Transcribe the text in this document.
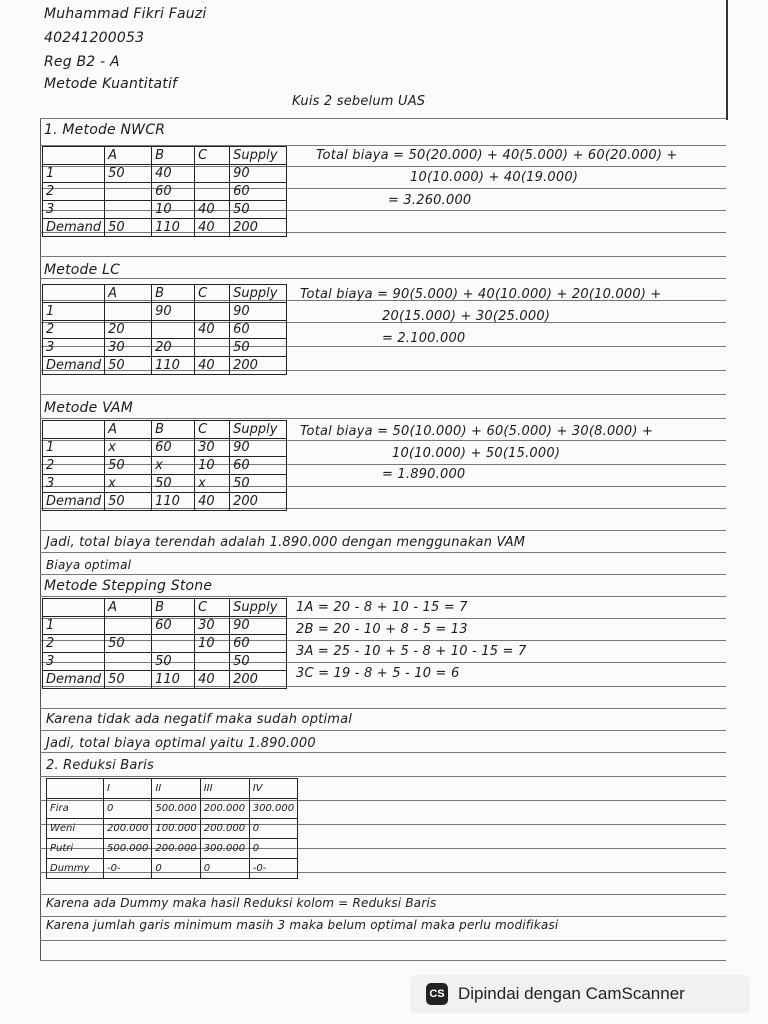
Muhammad Fikri Fauzi
40241200053
Reg B2 - A
Metode Kuantitatif
Kuis 2 sebelum UAS
1. Metode NWCR
	A	B	C	Supply
1	50	40		90
2		60		60
3		10	40	50
Demand	50	110	40	200
Total biaya = 50(20.000) + 40(5.000) + 60(20.000) +
10(10.000) + 40(19.000)
= 3.260.000
Metode LC
	A	B	C	Supply
1		90		90
2	20		40	60
3	30	20		50
Demand	50	110	40	200
Total biaya = 90(5.000) + 40(10.000) + 20(10.000) +
20(15.000) + 30(25.000)
= 2.100.000
Metode VAM
	A	B	C	Supply
1	x	60	30	90
2	50	x	10	60
3	x	50	x	50
Demand	50	110	40	200
Total biaya = 50(10.000) + 60(5.000) + 30(8.000) +
10(10.000) + 50(15.000)
= 1.890.000
Jadi, total biaya terendah adalah 1.890.000 dengan menggunakan VAM
Biaya optimal
Metode Stepping Stone
	A	B	C	Supply
1		60	30	90
2	50		10	60
3		50		50
Demand	50	110	40	200
1A = 20 - 8 + 10 - 15 = 7
2B = 20 - 10 + 8 - 5 = 13
3A = 25 - 10 + 5 - 8 + 10 - 15 = 7
3C = 19 - 8 + 5 - 10 = 6
Karena tidak ada negatif maka sudah optimal
Jadi, total biaya optimal yaitu 1.890.000
2. Reduksi Baris
	I	II	III	IV
Fira	0	500.000	200.000	300.000
Weni	200.000	100.000	200.000	0
Putri	500.000	200.000	300.000	0
Dummy	-0-	0	0	-0-
Karena ada Dummy maka hasil Reduksi kolom = Reduksi Baris
Karena jumlah garis minimum masih 3 maka belum optimal maka perlu modifikasi
CS Dipindai dengan CamScanner
